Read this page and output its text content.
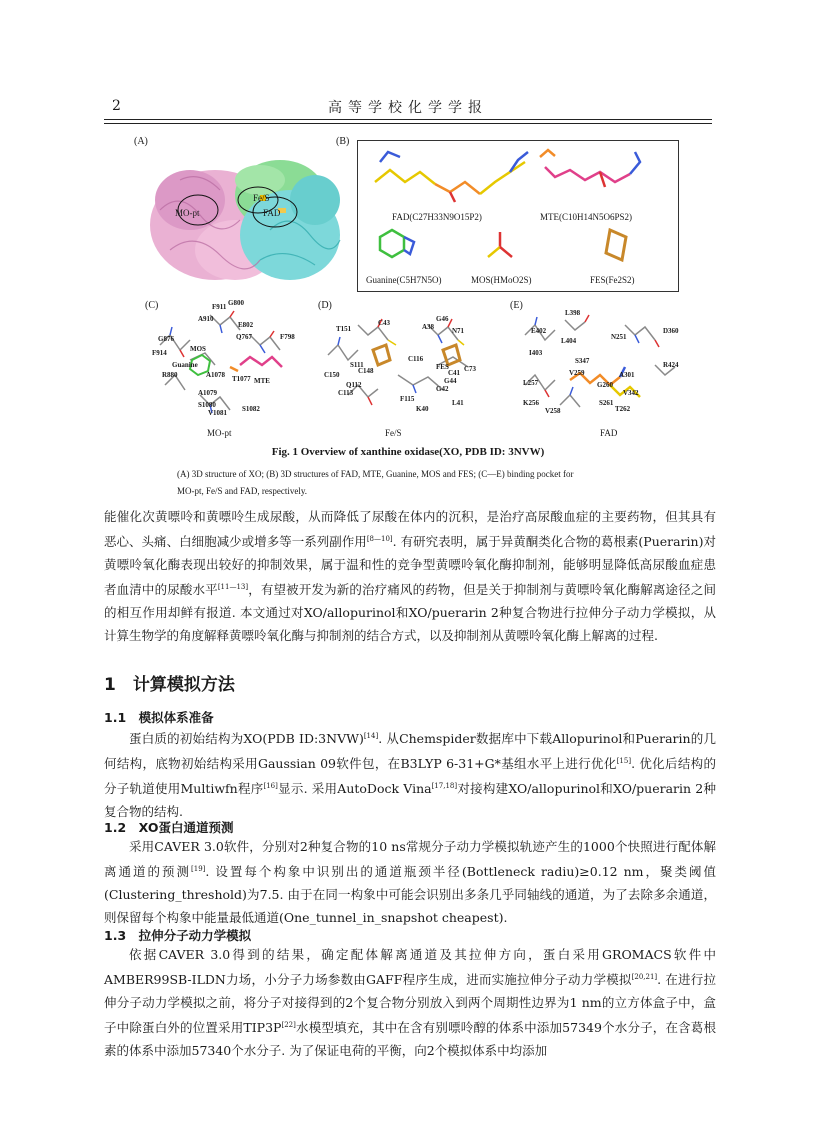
2	高等学校化学学报
(A)
MO-pt
Fe/S
FAD
(B)
FAD(C27H33N9O15P2)	MTE(C10H14N5O6PS2)
Guanine(C5H7N5O)	MOS(HMoO2S)	FES(Fe2S2)
(C)
MO-pt
(D)
Fe/S
(E)
FAD
Fig. 1 Overview of xanthine oxidase(XO, PDB ID: 3NVW)
(A) 3D structure of XO; (B) 3D structures of FAD, MTE, Guanine, MOS and FES; (C—E) binding pocket for
MO-pt, Fe/S and FAD, respectively.

能催化次黄嘌呤和黄嘌呤生成尿酸，从而降低了尿酸在体内的沉积，是治疗高尿酸血症的主要药物，但其具有恶心、头痛、白细胞减少或增多等一系列副作用[8—10]. 有研究表明，属于异黄酮类化合物的葛根素(Puerarin)对黄嘌呤氧化酶表现出较好的抑制效果，属于温和性的竞争型黄嘌呤氧化酶抑制剂，能够明显降低高尿酸血症患者血清中的尿酸水平[11—13]，有望被开发为新的治疗痛风的药物，但是关于抑制剂与黄嘌呤氧化酶解离途径之间的相互作用却鲜有报道. 本文通过对XO/allopurinol和XO/puerarin 2种复合物进行拉伸分子动力学模拟，从计算生物学的角度解释黄嘌呤氧化酶与抑制剂的结合方式，以及抑制剂从黄嘌呤氧化酶上解离的过程.

1　计算模拟方法
1.1　模拟体系准备

蛋白质的初始结构为XO(PDB ID:3NVW)[14]. 从Chemspider数据库中下载Allopurinol和Puerarin的几何结构，底物初始结构采用Gaussian 09软件包，在B3LYP 6-31+G*基组水平上进行优化[15]. 优化后结构的分子轨道使用Multiwfn程序[16]显示. 采用AutoDock Vina[17,18]对接构建XO/allopurinol和XO/puerarin 2种复合物的结构.

1.2　XO蛋白通道预测

采用CAVER 3.0软件，分别对2种复合物的10 ns常规分子动力学模拟轨迹产生的1000个快照进行配体解离通道的预测[19]. 设置每个构象中识别出的通道瓶颈半径(Bottleneck radiu)≥0.12 nm，聚类阈值(Clustering_threshold)为7.5. 由于在同一构象中可能会识别出多条几乎同轴线的通道，为了去除多余通道，则保留每个构象中能量最低通道(One_tunnel_in_snapshot cheapest).

1.3　拉伸分子动力学模拟

依据CAVER 3.0得到的结果，确定配体解离通道及其拉伸方向，蛋白采用GROMACS软件中AMBER99SB-ILDN力场，小分子力场参数由GAFF程序生成，进而实施拉伸分子动力学模拟[20,21]. 在进行拉伸分子动力学模拟之前，将分子对接得到的2个复合物分别放入到两个周期性边界为1 nm的立方体盒子中，盒子中除蛋白外的位置采用TIP3P[22]水模型填充，其中在含有别嘌呤醇的体系中添加57349个水分子，在含葛根素的体系中添加57340个水分子. 为了保证电荷的平衡，向2个模拟体系中均添加

F911 G800
A910
E802
Q767	F798
G876
F914	MOS
R880	A1078
A1079
S1080
V1081
T1077
S1082
MTE
Guanine
T151
C43	G46
N71
C148
C116
A38
FES
C113
S111
F115
K40
C73
G44
C41
G42
L41
Q112
C150
E402
L398
L404	N251
D360
I403
S347	R424
L257
V259
K256
V258
G260
T262
S261
V342
A301
